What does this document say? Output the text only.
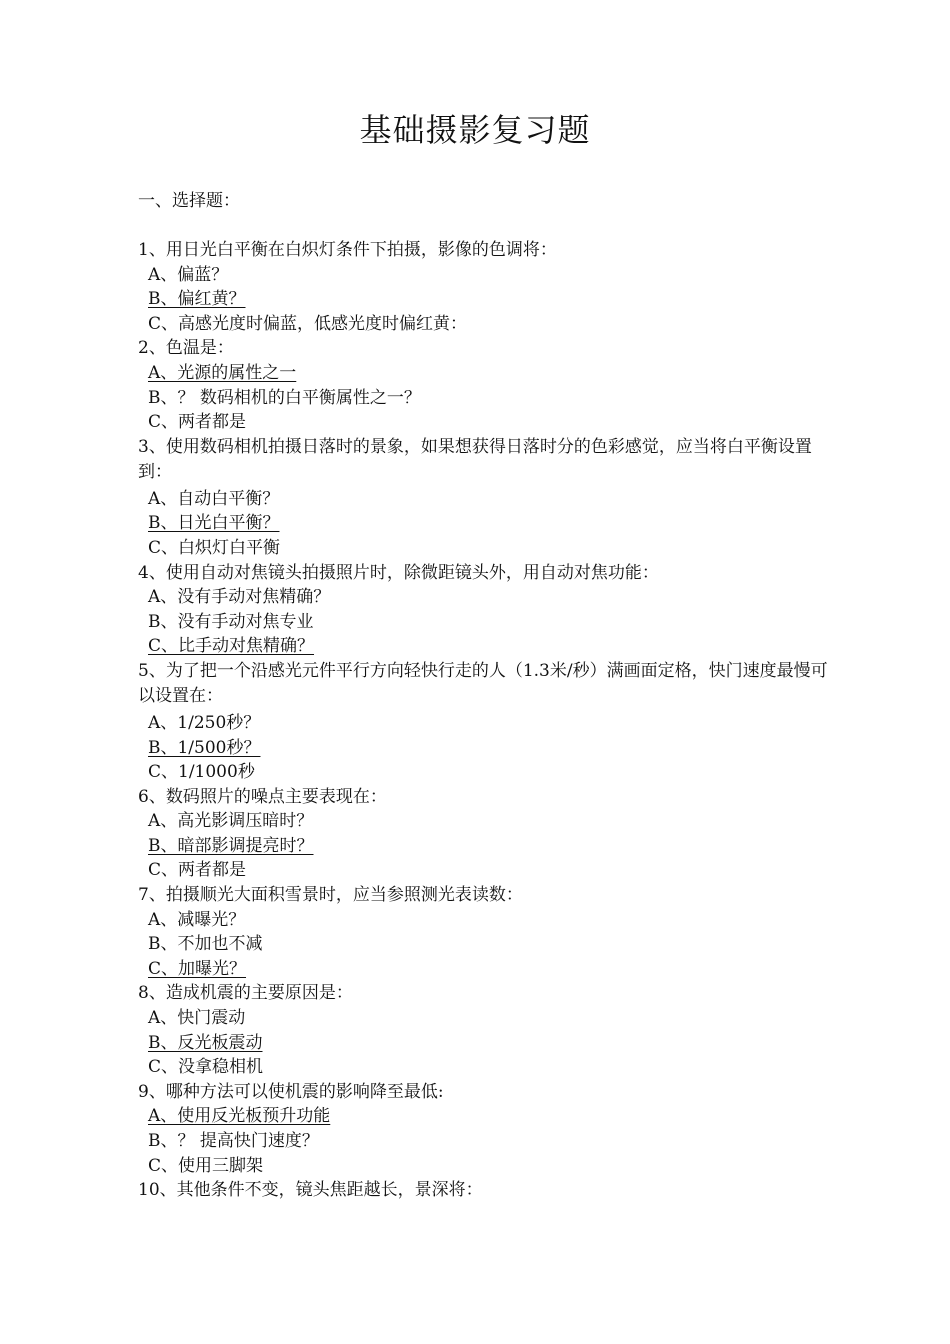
基础摄影复习题
一、选择题：
1、用日光白平衡在白炽灯条件下拍摄，影像的色调将：
A、偏蓝？
B、偏红黄？
C、高感光度时偏蓝，低感光度时偏红黄：
2、色温是：
A、光源的属性之一
B、？ 数码相机的白平衡属性之一？
C、两者都是
3、使用数码相机拍摄日落时的景象，如果想获得日落时分的色彩感觉，应当将白平衡设置到：
A、自动白平衡？
B、日光白平衡？
C、白炽灯白平衡
4、使用自动对焦镜头拍摄照片时，除微距镜头外，用自动对焦功能：
A、没有手动对焦精确？
B、没有手动对焦专业
C、比手动对焦精确？
5、为了把一个沿感光元件平行方向轻快行走的人（1.3米/秒）满画面定格，快门速度最慢可以设置在：
A、1/250秒？
B、1/500秒？
C、1/1000秒
6、数码照片的噪点主要表现在：
A、高光影调压暗时？
B、暗部影调提亮时？
C、两者都是
7、拍摄顺光大面积雪景时，应当参照测光表读数：
A、减曝光？
B、不加也不减
C、加曝光？
8、造成机震的主要原因是：
A、快门震动
B、反光板震动
C、没拿稳相机
9、哪种方法可以使机震的影响降至最低:
A、使用反光板预升功能
B、？ 提高快门速度？
C、使用三脚架
10、其他条件不变，镜头焦距越长，景深将：
